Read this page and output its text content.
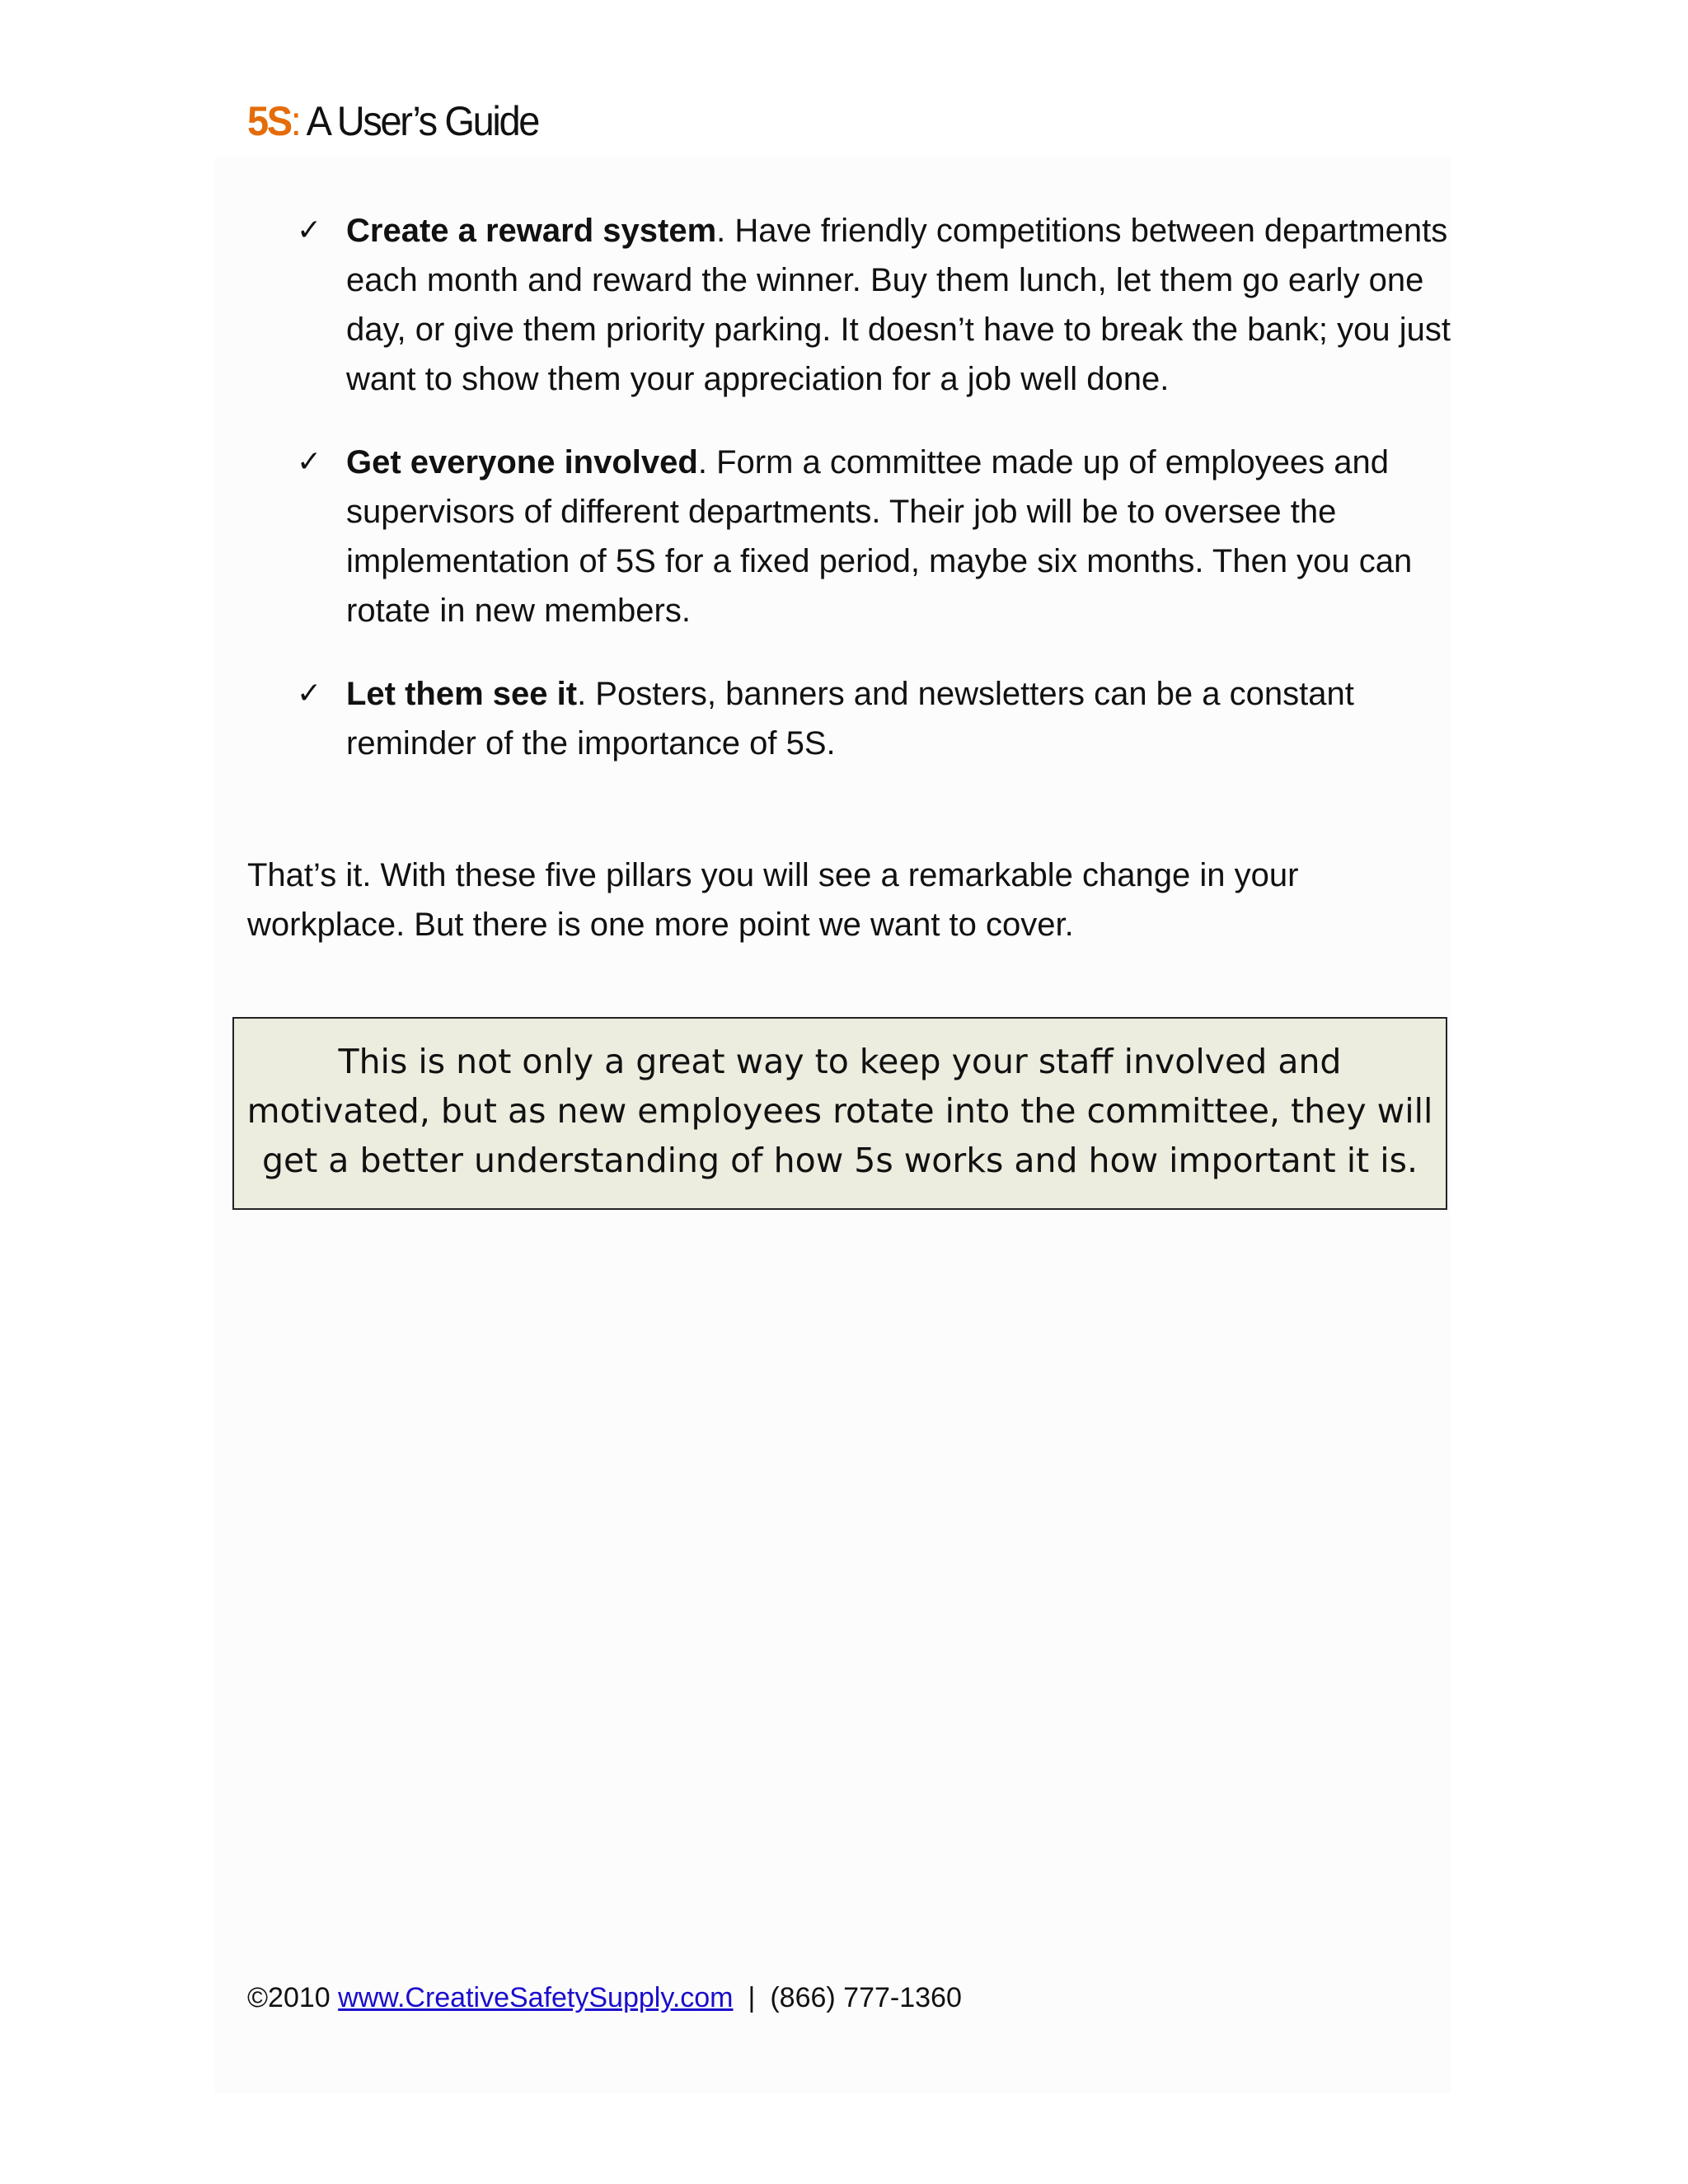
5S: A User’s Guide
✓ Create a reward system. Have friendly competitions between departments each month and reward the winner. Buy them lunch, let them go early one day, or give them priority parking. It doesn’t have to break the bank; you just want to show them your appreciation for a job well done.
✓ Get everyone involved. Form a committee made up of employees and supervisors of different departments. Their job will be to oversee the implementation of 5S for a fixed period, maybe six months. Then you can rotate in new members.
✓ Let them see it. Posters, banners and newsletters can be a constant reminder of the importance of 5S.
That’s it. With these five pillars you will see a remarkable change in your workplace. But there is one more point we want to cover.
This is not only a great way to keep your staff involved and
motivated, but as new employees rotate into the committee, they will
get a better understanding of how 5s works and how important it is.
©2010 www.CreativeSafetySupply.com | (866) 777-1360
